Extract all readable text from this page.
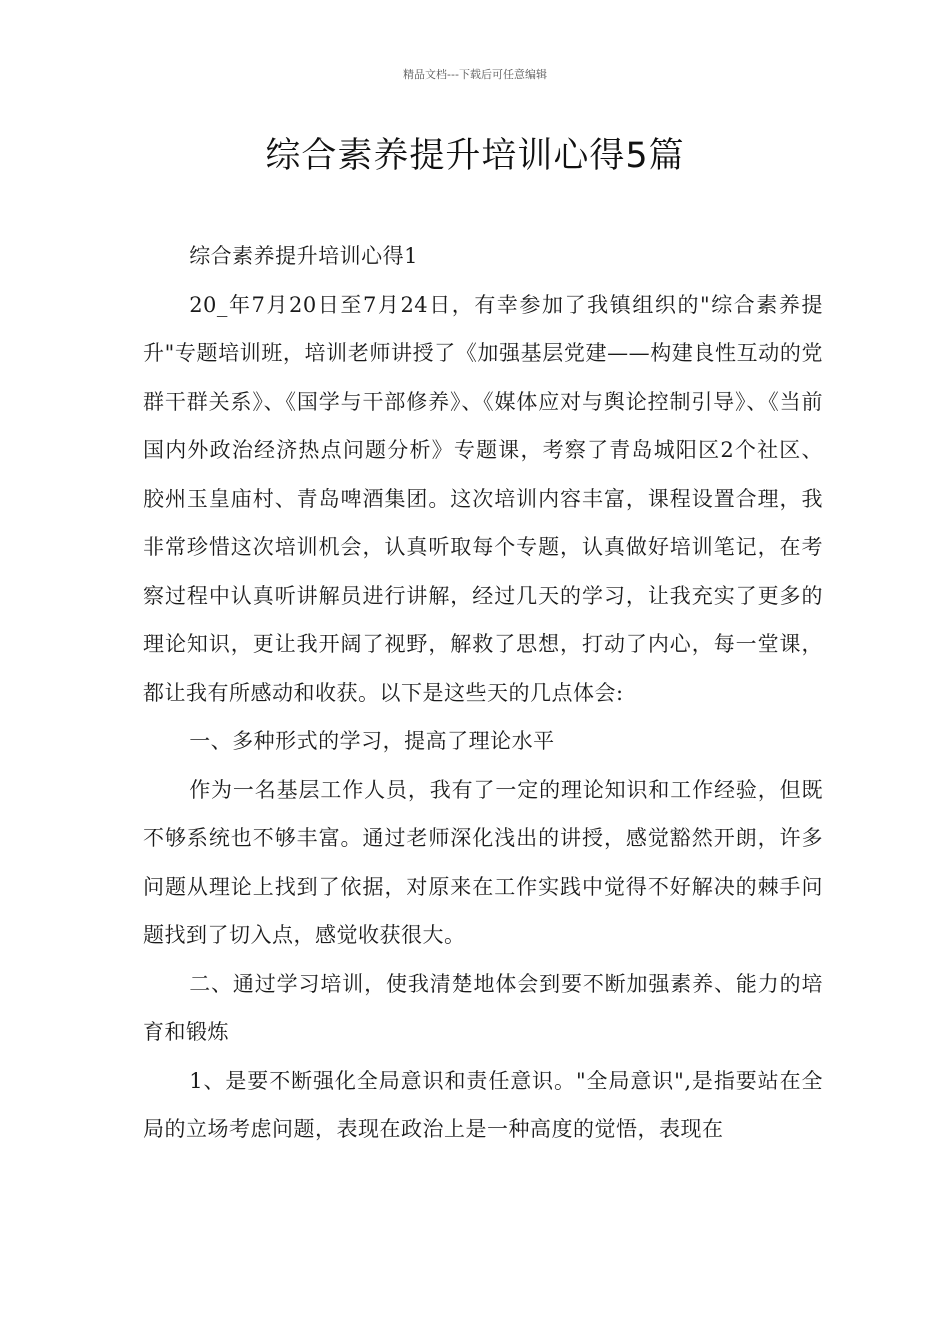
精品文档---下载后可任意编辑
综合素养提升培训心得5篇

综合素养提升培训心得1

20_年7月20日至7月24日，有幸参加了我镇组织的"综合素养提升"专题培训班，培训老师讲授了《加强基层党建——构建良性互动的党群干群关系》、《国学与干部修养》、《媒体应对与舆论控制引导》、《当前国内外政治经济热点问题分析》专题课，考察了青岛城阳区2个社区、胶州玉皇庙村、青岛啤酒集团。这次培训内容丰富，课程设置合理，我非常珍惜这次培训机会，认真听取每个专题，认真做好培训笔记，在考察过程中认真听讲解员进行讲解，经过几天的学习，让我充实了更多的理论知识，更让我开阔了视野，解救了思想，打动了内心，每一堂课，都让我有所感动和收获。以下是这些天的几点体会:

一、多种形式的学习，提高了理论水平

作为一名基层工作人员，我有了一定的理论知识和工作经验，但既不够系统也不够丰富。通过老师深化浅出的讲授，感觉豁然开朗，许多问题从理论上找到了依据，对原来在工作实践中觉得不好解决的棘手问题找到了切入点，感觉收获很大。

二、通过学习培训，使我清楚地体会到要不断加强素养、能力的培育和锻炼

1、是要不断强化全局意识和责任意识。"全局意识",是指要站在全局的立场考虑问题，表现在政治上是一种高度的觉悟，表现在
